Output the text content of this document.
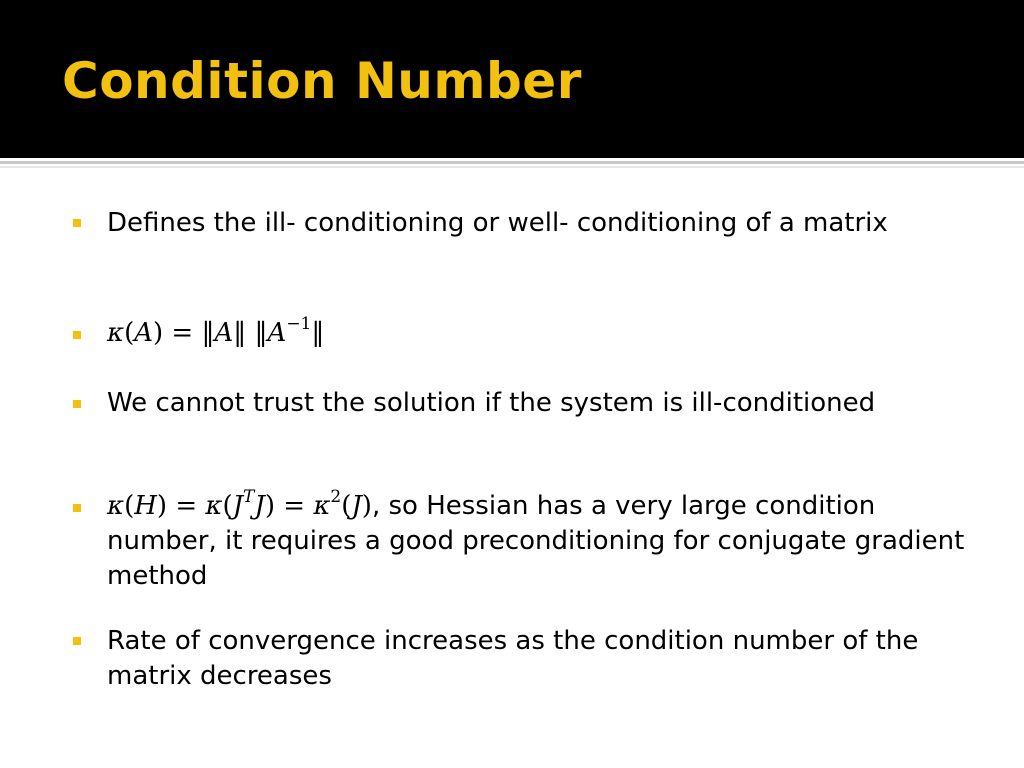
Condition Number
Defines the ill- conditioning or well- conditioning of a matrix
κ(A) = ‖A‖ $‖A^{-1}‖$
We cannot trust the solution if the system is ill-conditioned
$\kappa(H) = \kappa(J^TJ) = \kappa^2(J)$, so Hessian has a very large condition number, it requires a good preconditioning for conjugate gradient method
Rate of convergence increases as the condition number of the matrix decreases
